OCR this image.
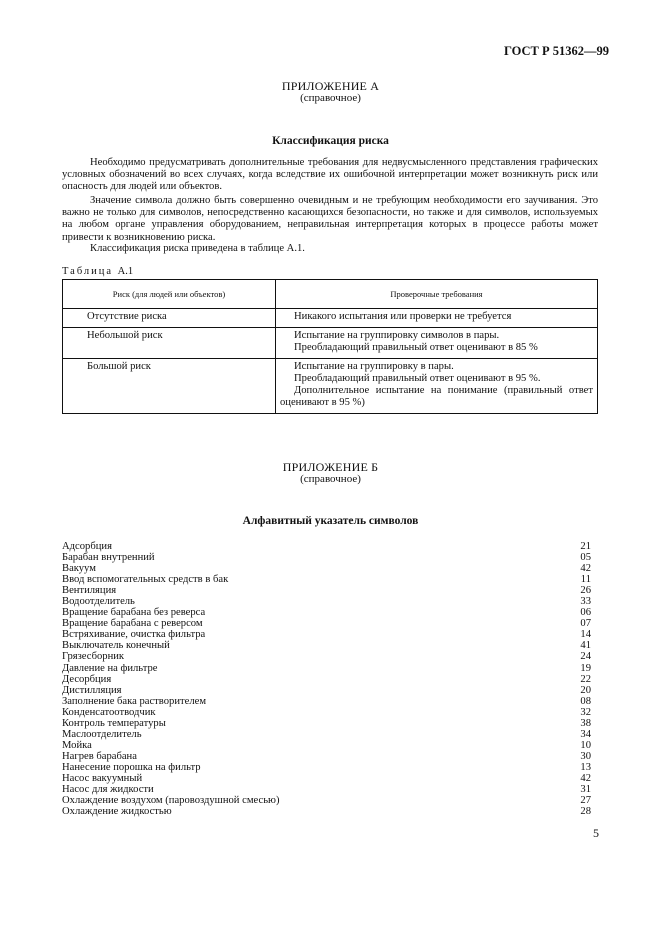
ГОСТ Р 51362—99
ПРИЛОЖЕНИЕ А
(справочное)
Классификация риска

Необходимо предусматривать дополнительные требования для недвусмысленного представления графических условных обозначений во всех случаях, когда вследствие их ошибочной интерпретации может возникнуть риск или опасность для людей или объектов.

Значение символа должно быть совершенно очевидным и не требующим необходимости его заучивания. Это важно не только для символов, непосредственно касающихся безопасности, но также и для символов, используемых на любом органе управления оборудованием, неправильная интерпретация которых в процессе работы может привести к возникновению риска.

Классификация риска приведена в таблице А.1.

Таблица А.1
Риск (для людей или объектов)	Проверочные требования
Отсутствие риска	Никакого испытания или проверки не требуется

Небольшой риск	Испытание на группировку символов в пары.

Преобладающий правильный ответ оценивают в 85 %

Большой риск	Испытание на группировку в пары.

Преобладающий правильный ответ оценивают в 95 %.

Дополнительное испытание на понимание (правильный ответ оценивают в 95 %)

ПРИЛОЖЕНИЕ Б
(справочное)
Алфавитный указатель символов
Адсорбция	21
Барабан внутренний	05
Вакуум	42
Ввод вспомогательных средств в бак	11
Вентиляция	26
Водоотделитель	33
Вращение барабана без реверса	06
Вращение барабана с реверсом	07
Встряхивание, очистка фильтра	14
Выключатель конечный	41
Грязесборник	24
Давление на фильтре	19
Десорбция	22
Дистилляция	20
Заполнение бака растворителем	08
Конденсатоотводчик	32
Контроль температуры	38
Маслоотделитель	34
Мойка	10
Нагрев барабана	30
Нанесение порошка на фильтр	13
Насос вакуумный	42
Насос для жидкости	31
Охлаждение воздухом (паровоздушной смесью)	27
Охлаждение жидкостью	28
5
